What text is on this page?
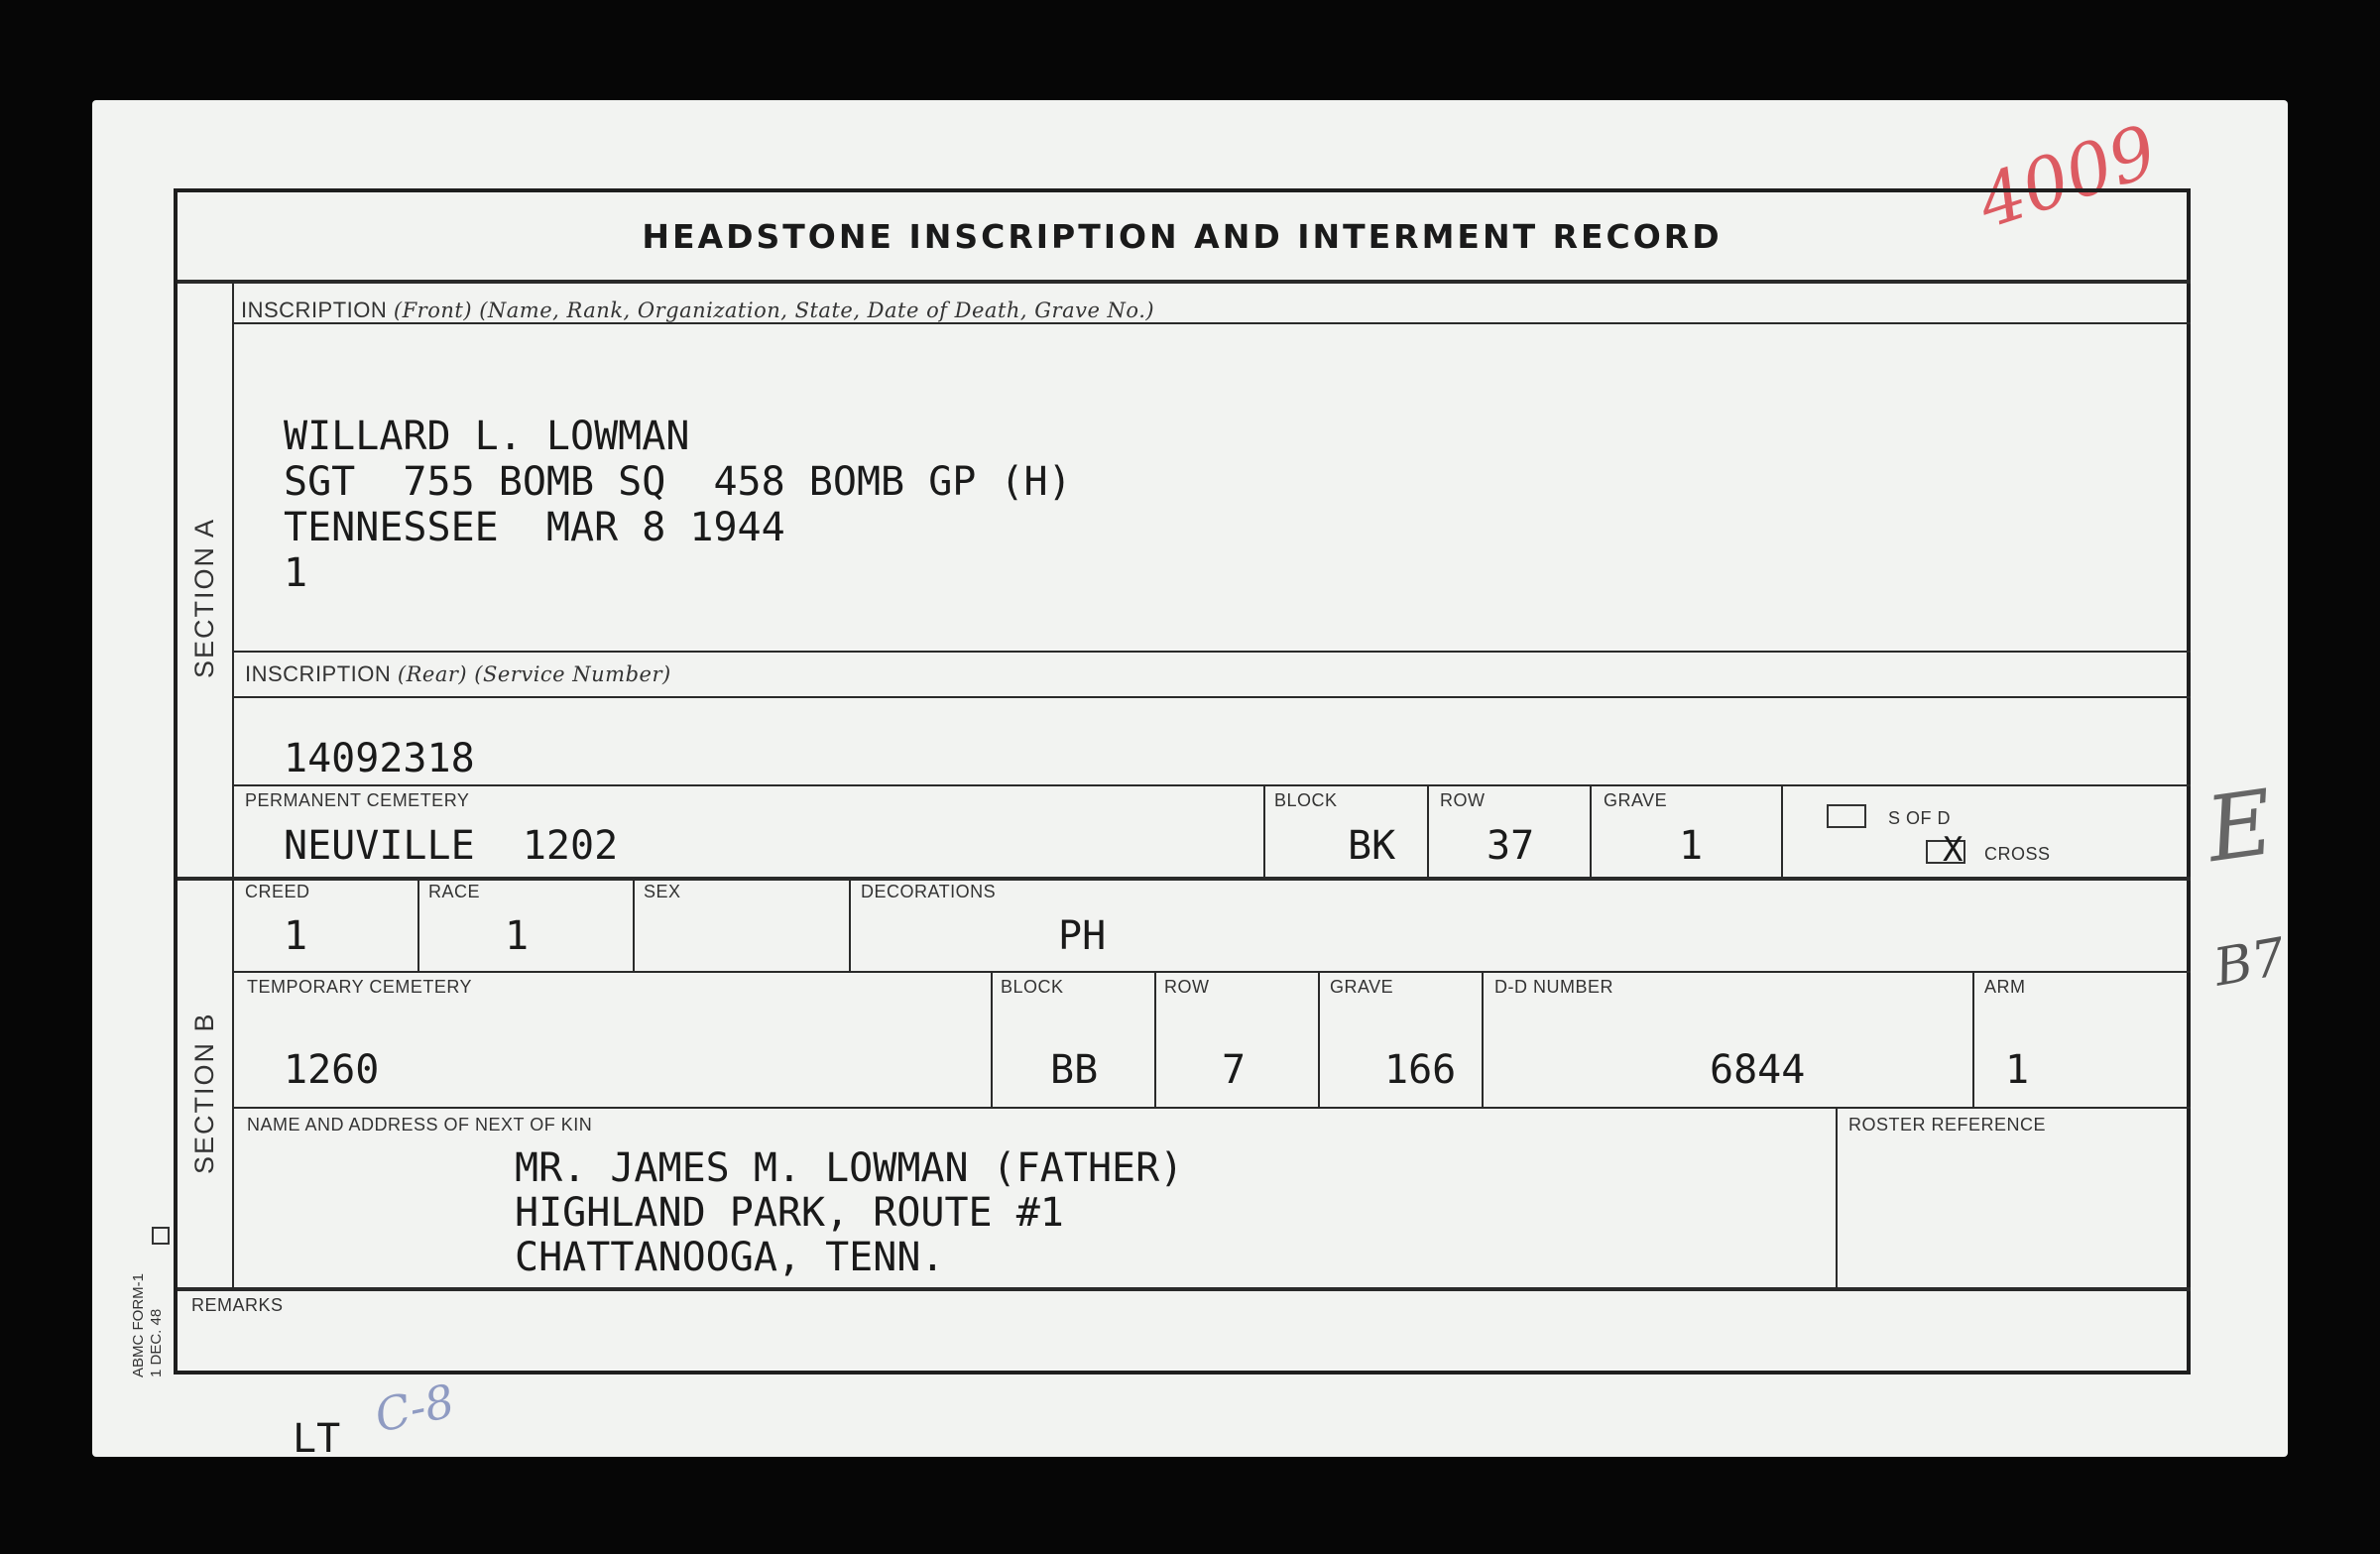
4009
ABMC FORM-1
1 DEC. 48
HEADSTONE INSCRIPTION AND INTERMENT RECORD
SECTION A
SECTION B
INSCRIPTION (Front) (Name, Rank, Organization, State, Date of Death, Grave No.)
WILLARD L. LOWMAN
SGT  755 BOMB SQ  458 BOMB GP (H)
TENNESSEE  MAR 8 1944
1
INSCRIPTION (Rear) (Service Number)
14092318
PERMANENT CEMETERY
NEUVILLE  1202
BLOCK
BK
ROW
37
GRAVE
1
S OF D
X CROSS
CREED
1
RACE
1
SEX	DECORATIONS
PH
TEMPORARY CEMETERY
1260
BLOCK
BB
ROW
7
GRAVE
166
D-D NUMBER
6844
ARM
1
NAME AND ADDRESS OF NEXT OF KIN
MR. JAMES M. LOWMAN (FATHER)
HIGHLAND PARK, ROUTE #1
CHATTANOOGA, TENN.
ROSTER REFERENCE
REMARKS
LT C-8
E
B7
